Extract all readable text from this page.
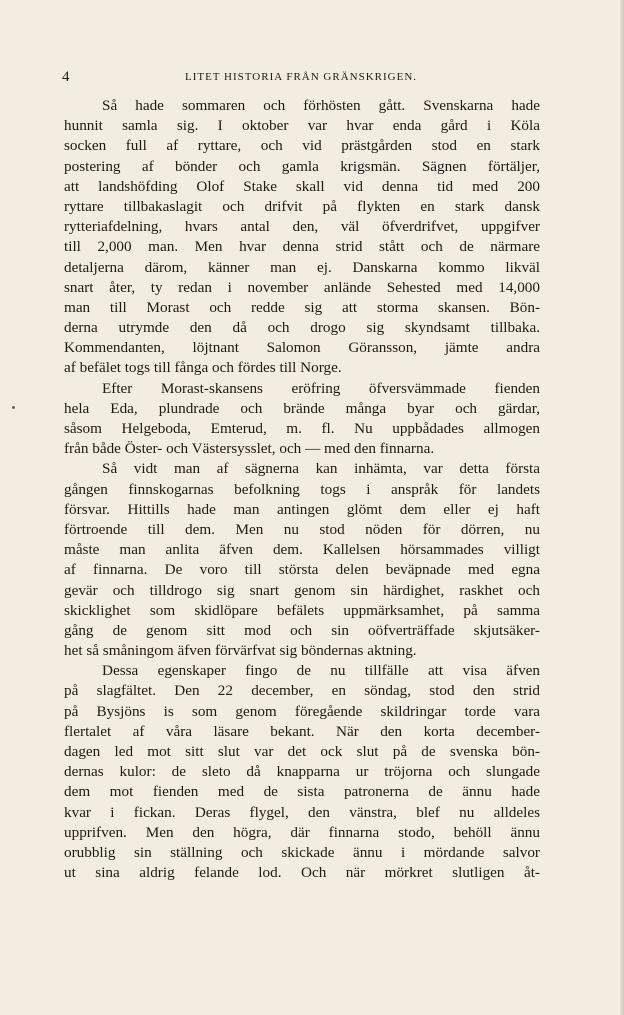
4	LITET HISTORIA FRÅN GRÄNSKRIGEN.
Så hade sommaren och förhösten gått. Svenskarna hade
hunnit samla sig. I oktober var hvar enda gård i Köla
socken full af ryttare, och vid prästgården stod en stark
postering af bönder och gamla krigsmän. Sägnen förtäljer,
att landshöfding Olof Stake skall vid denna tid med 200
ryttare tillbakaslagit och drifvit på flykten en stark dansk
rytteriafdelning, hvars antal den, väl öfverdrifvet, uppgifver
till 2,000 man. Men hvar denna strid stått och de närmare
detaljerna därom, känner man ej. Danskarna kommo likväl
snart åter, ty redan i november anlände Sehested med 14,000
man till Morast och redde sig att storma skansen. Bön-
derna utrymde den då och drogo sig skyndsamt tillbaka.
Kommendanten, löjtnant Salomon Göransson, jämte andra
af befälet togs till fånga och fördes till Norge.
Efter Morast-skansens eröfring öfversvämmade fienden
hela Eda, plundrade och brände många byar och gärdar,
såsom Helgeboda, Emterud, m. fl. Nu uppbådades allmogen
från både Öster- och Västersysslet, och — med den finnarna.
Så vidt man af sägnerna kan inhämta, var detta första
gången finnskogarnas befolkning togs i anspråk för landets
försvar. Hittills hade man antingen glömt dem eller ej haft
förtroende till dem. Men nu stod nöden för dörren, nu
måste man anlita äfven dem. Kallelsen hörsammades villigt
af finnarna. De voro till största delen beväpnade med egna
gevär och tilldrogo sig snart genom sin härdighet, raskhet och
skicklighet som skidlöpare befälets uppmärksamhet, på samma
gång de genom sitt mod och sin oöfverträffade skjutsäker-
het så småningom äfven förvärfvat sig böndernas aktning.
Dessa egenskaper fingo de nu tillfälle att visa äfven
på slagfältet. Den 22 december, en söndag, stod den strid
på Bysjöns is som genom föregående skildringar torde vara
flertalet af våra läsare bekant. När den korta december-
dagen led mot sitt slut var det ock slut på de svenska bön-
dernas kulor: de sleto då knapparna ur tröjorna och slungade
dem mot fienden med de sista patronerna de ännu hade
kvar i fickan. Deras flygel, den vänstra, blef nu alldeles
upprifven. Men den högra, där finnarna stodo, behöll ännu
orubblig sin ställning och skickade ännu i mördande salvor
ut sina aldrig felande lod. Och när mörkret slutligen åt-
